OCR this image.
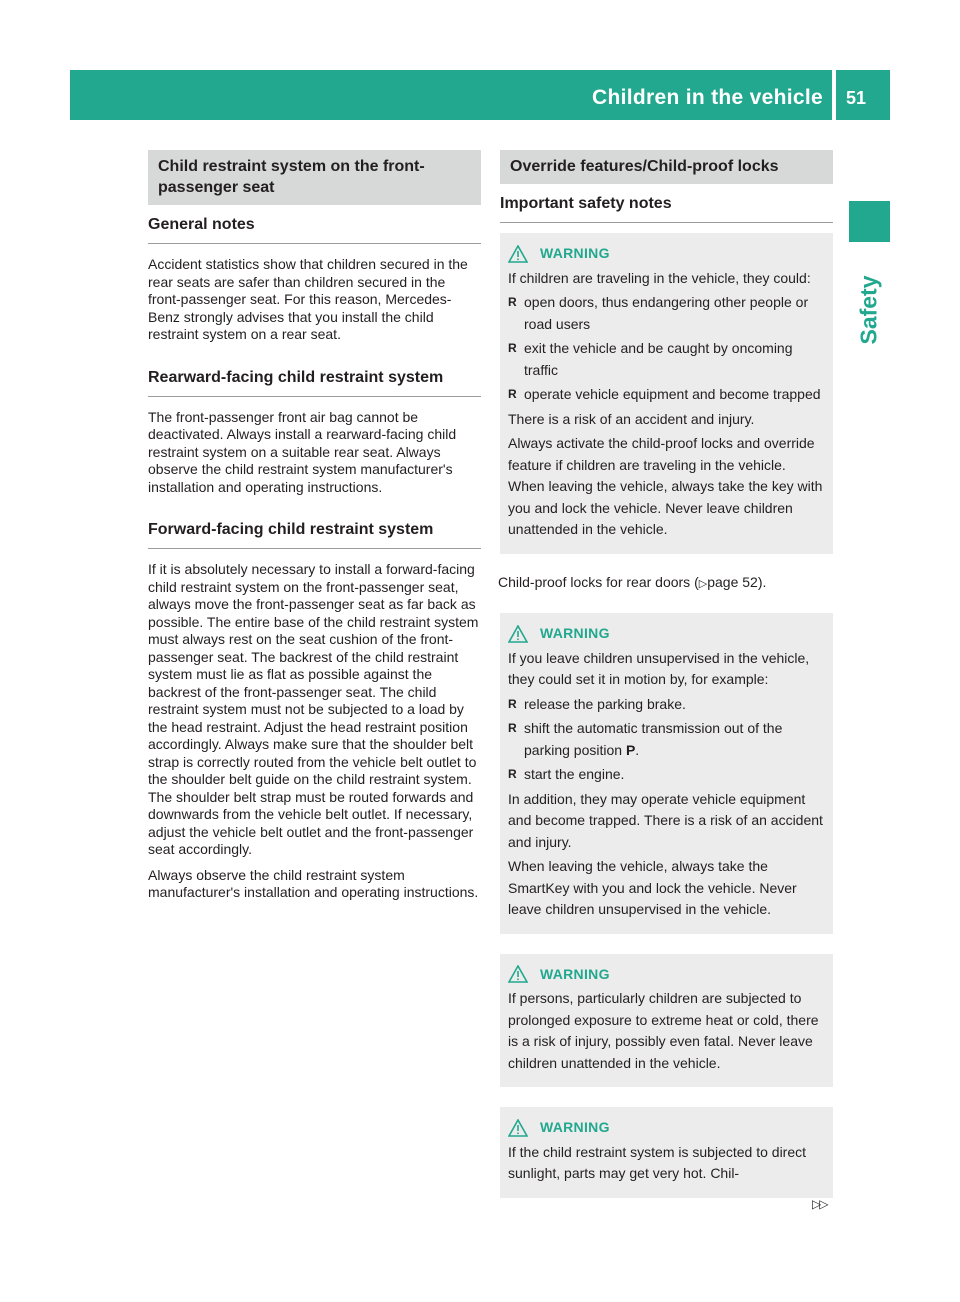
Children in the vehicle 51
Safety
Child restraint system on the front-passenger seat
General notes

Accident statistics show that children secured in the rear seats are safer than children secured in the front-passenger seat. For this reason, Mercedes-Benz strongly advises that you install the child restraint system on a rear seat.

Rearward-facing child restraint system

The front-passenger front air bag cannot be deactivated. Always install a rearward-facing child restraint system on a suitable rear seat. Always observe the child restraint system manufacturer's installation and operating instructions.

Forward-facing child restraint system

If it is absolutely necessary to install a forward-facing child restraint system on the front-passenger seat, always move the front-passenger seat as far back as possible. The entire base of the child restraint system must always rest on the seat cushion of the front-passenger seat. The backrest of the child restraint system must lie as flat as possible against the backrest of the front-passenger seat. The child restraint system must not be subjected to a load by the head restraint. Adjust the head restraint position accordingly. Always make sure that the shoulder belt strap is correctly routed from the vehicle belt outlet to the shoulder belt guide on the child restraint system. The shoulder belt strap must be routed forwards and downwards from the vehicle belt outlet. If necessary, adjust the vehicle belt outlet and the front-passenger seat accordingly.

Always observe the child restraint system manufacturer's installation and operating instructions.

Override features/Child-proof locks
Important safety notes
WARNING
If children are traveling in the vehicle, they could:
R open doors, thus endangering other people or road users
R exit the vehicle and be caught by oncoming traffic
R operate vehicle equipment and become trapped
There is a risk of an accident and injury.
Always activate the child-proof locks and override feature if children are traveling in the vehicle. When leaving the vehicle, always take the key with you and lock the vehicle. Never leave children unattended in the vehicle.

Child-proof locks for rear doors (▷page 52).

WARNING
If you leave children unsupervised in the vehicle, they could set it in motion by, for example:
R release the parking brake.
R shift the automatic transmission out of the parking position P.
R start the engine.
In addition, they may operate vehicle equipment and become trapped. There is a risk of an accident and injury.
When leaving the vehicle, always take the SmartKey with you and lock the vehicle. Never leave children unsupervised in the vehicle.
WARNING
If persons, particularly children are subjected to prolonged exposure to extreme heat or cold, there is a risk of injury, possibly even fatal. Never leave children unattended in the vehicle.
WARNING
If the child restraint system is subjected to direct sunlight, parts may get very hot. Chil-
▷▷
